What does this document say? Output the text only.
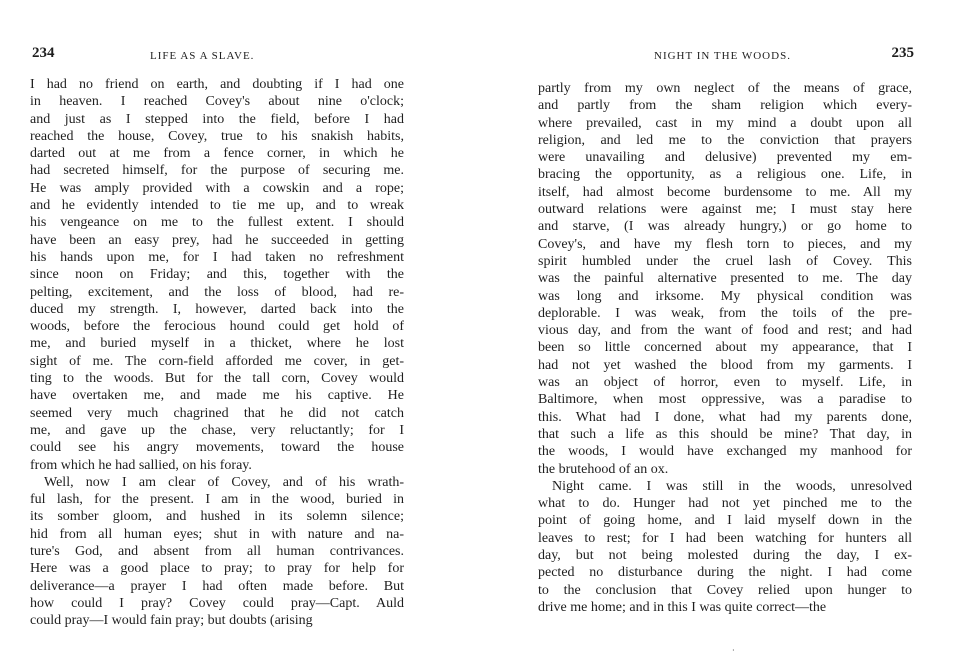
234	LIFE AS A SLAVE.
I had no friend on earth, and doubting if I had one
in heaven. I reached Covey's about nine o'clock;
and just as I stepped into the field, before I had
reached the house, Covey, true to his snakish habits,
darted out at me from a fence corner, in which he
had secreted himself, for the purpose of securing me.
He was amply provided with a cowskin and a rope;
and he evidently intended to tie me up, and to wreak
his vengeance on me to the fullest extent. I should
have been an easy prey, had he succeeded in getting
his hands upon me, for I had taken no refreshment
since noon on Friday; and this, together with the
pelting, excitement, and the loss of blood, had re-
duced my strength. I, however, darted back into the
woods, before the ferocious hound could get hold of
me, and buried myself in a thicket, where he lost
sight of me. The corn-field afforded me cover, in get-
ting to the woods. But for the tall corn, Covey would
have overtaken me, and made me his captive. He
seemed very much chagrined that he did not catch
me, and gave up the chase, very reluctantly; for I
could see his angry movements, toward the house
from which he had sallied, on his foray.
Well, now I am clear of Covey, and of his wrath-
ful lash, for the present. I am in the wood, buried in
its somber gloom, and hushed in its solemn silence;
hid from all human eyes; shut in with nature and na-
ture's God, and absent from all human contrivances.
Here was a good place to pray; to pray for help for
deliverance—a prayer I had often made before. But
how could I pray? Covey could pray—Capt. Auld
could pray—I would fain pray; but doubts (arising
NIGHT IN THE WOODS.	235
partly from my own neglect of the means of grace,
and partly from the sham religion which every-
where prevailed, cast in my mind a doubt upon all
religion, and led me to the conviction that prayers
were unavailing and delusive) prevented my em-
bracing the opportunity, as a religious one. Life, in
itself, had almost become burdensome to me. All my
outward relations were against me; I must stay here
and starve, (I was already hungry,) or go home to
Covey's, and have my flesh torn to pieces, and my
spirit humbled under the cruel lash of Covey. This
was the painful alternative presented to me. The day
was long and irksome. My physical condition was
deplorable. I was weak, from the toils of the pre-
vious day, and from the want of food and rest; and had
been so little concerned about my appearance, that I
had not yet washed the blood from my garments. I
was an object of horror, even to myself. Life, in
Baltimore, when most oppressive, was a paradise to
this. What had I done, what had my parents done,
that such a life as this should be mine? That day, in
the woods, I would have exchanged my manhood for
the brutehood of an ox.
Night came. I was still in the woods, unresolved
what to do. Hunger had not yet pinched me to the
point of going home, and I laid myself down in the
leaves to rest; for I had been watching for hunters all
day, but not being molested during the day, I ex-
pected no disturbance during the night. I had come
to the conclusion that Covey relied upon hunger to
drive me home; and in this I was quite correct—the
·
